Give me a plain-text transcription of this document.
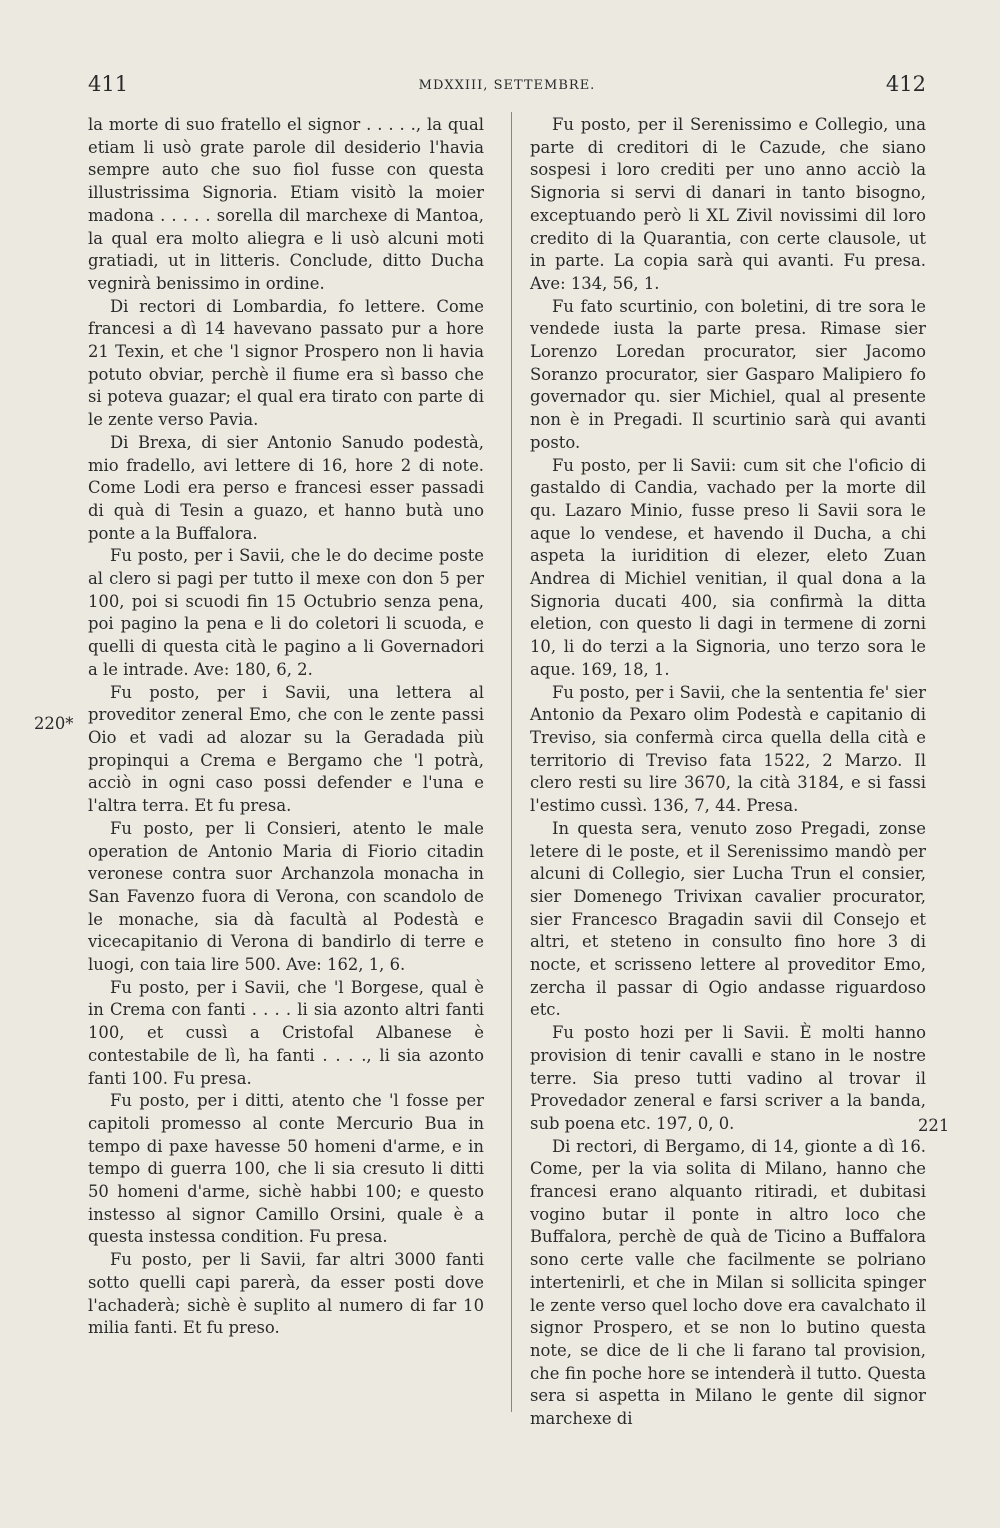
411	MDXXIII, SETTEMBRE.	412

la morte di suo fratello el signor . . . . ., la qual etiam li usò grate parole dil desiderio l'havia sempre auto che suo fiol fusse con questa illustrissima Signoria. Etiam visitò la moier madona . . . . . sorella dil marchexe di Mantoa, la qual era molto aliegra e li usò alcuni moti gratiadi, ut in litteris. Conclude, ditto Ducha vegnirà benissimo in ordine.

Di rectori di Lombardia, fo lettere. Come francesi a dì 14 havevano passato pur a hore 21 Texin, et che 'l signor Prospero non li havia potuto obviar, perchè il fiume era sì basso che si poteva guazar; el qual era tirato con parte di le zente verso Pavia.

Di Brexa, di sier Antonio Sanudo podestà, mio fradello, avi lettere di 16, hore 2 di note. Come Lodi era perso e francesi esser passadi di quà di Tesin a guazo, et hanno butà uno ponte a la Buffalora.

Fu posto, per i Savii, che le do decime poste al clero si pagi per tutto il mexe con don 5 per 100, poi si scuodi fin 15 Octubrio senza pena, poi pagino la pena e li do coletori li scuoda, e quelli di questa cità le pagino a li Governadori a le intrade. Ave: 180, 6, 2.

Fu posto, per i Savii, una lettera al proveditor zeneral Emo, che con le zente passi Oio et vadi ad alozar su la Geradada più propinqui a Crema e Bergamo che 'l potrà, acciò in ogni caso possi defender e l'una e l'altra terra. Et fu presa.

Fu posto, per li Consieri, atento le male operation de Antonio Maria di Fiorio citadin veronese contra suor Archanzola monacha in San Favenzo fuora di Verona, con scandolo de le monache, sia dà facultà al Podestà e vicecapitanio di Verona di bandirlo di terre e luogi, con taia lire 500. Ave: 162, 1, 6.

Fu posto, per i Savii, che 'l Borgese, qual è in Crema con fanti . . . . li sia azonto altri fanti 100, et cussì a Cristofal Albanese è contestabile de lì, ha fanti . . . ., li sia azonto fanti 100. Fu presa.

Fu posto, per i ditti, atento che 'l fosse per capitoli promesso al conte Mercurio Bua in tempo di paxe havesse 50 homeni d'arme, e in tempo di guerra 100, che li sia cresuto li ditti 50 homeni d'arme, sichè habbi 100; e questo instesso al signor Camillo Orsini, quale è a questa instessa condition. Fu presa.

Fu posto, per li Savii, far altri 3000 fanti sotto quelli capi parerà, da esser posti dove l'achaderà; sichè è suplito al numero di far 10 milia fanti. Et fu preso.

Fu posto, per il Serenissimo e Collegio, una parte di creditori di le Cazude, che siano sospesi i loro crediti per uno anno acciò la Signoria si servi di danari in tanto bisogno, exceptuando però li XL Zivil novissimi dil loro credito di la Quarantia, con certe clausole, ut in parte. La copia sarà qui avanti. Fu presa. Ave: 134, 56, 1.

Fu fato scurtinio, con boletini, di tre sora le vendede iusta la parte presa. Rimase sier Lorenzo Loredan procurator, sier Jacomo Soranzo procurator, sier Gasparo Malipiero fo governador qu. sier Michiel, qual al presente non è in Pregadi. Il scurtinio sarà qui avanti posto.

Fu posto, per li Savii: cum sit che l'oficio di gastaldo di Candia, vachado per la morte dil qu. Lazaro Minio, fusse preso li Savii sora le aque lo vendese, et havendo il Ducha, a chi aspeta la iuridition di elezer, eleto Zuan Andrea di Michiel venitian, il qual dona a la Signoria ducati 400, sia confirmà la ditta eletion, con questo li dagi in termene di zorni 10, li do terzi a la Signoria, uno terzo sora le aque. 169, 18, 1.

Fu posto, per i Savii, che la sententia fe' sier Antonio da Pexaro olim Podestà e capitanio di Treviso, sia confermà circa quella della cità e territorio di Treviso fata 1522, 2 Marzo. Il clero resti su lire 3670, la cità 3184, e si fassi l'estimo cussì. 136, 7, 44. Presa.

In questa sera, venuto zoso Pregadi, zonse letere di le poste, et il Serenissimo mandò per alcuni di Collegio, sier Lucha Trun el consier, sier Domenego Trivixan cavalier procurator, sier Francesco Bragadin savii dil Consejo et altri, et steteno in consulto fino hore 3 di nocte, et scrisseno lettere al proveditor Emo, zercha il passar di Ogio andasse riguardoso etc.

Fu posto hozi per li Savii. È molti hanno provision di tenir cavalli e stano in le nostre terre. Sia preso tutti vadino al trovar il Provedador zeneral e farsi scriver a la banda, sub poena etc. 197, 0, 0.

Di rectori, di Bergamo, di 14, gionte a dì 16. Come, per la via solita di Milano, hanno che francesi erano alquanto ritiradi, et dubitasi vogino butar il ponte in altro loco che Buffalora, perchè de quà de Ticino a Buffalora sono certe valle che facilmente se polriano intertenirli, et che in Milan si sollicita spinger le zente verso quel locho dove era cavalchato il signor Prospero, et se non lo butino questa note, se dice de li che li farano tal provision, che fin poche hore se intenderà il tutto. Questa sera si aspetta in Milano le gente dil signor marchexe di

220*
221
